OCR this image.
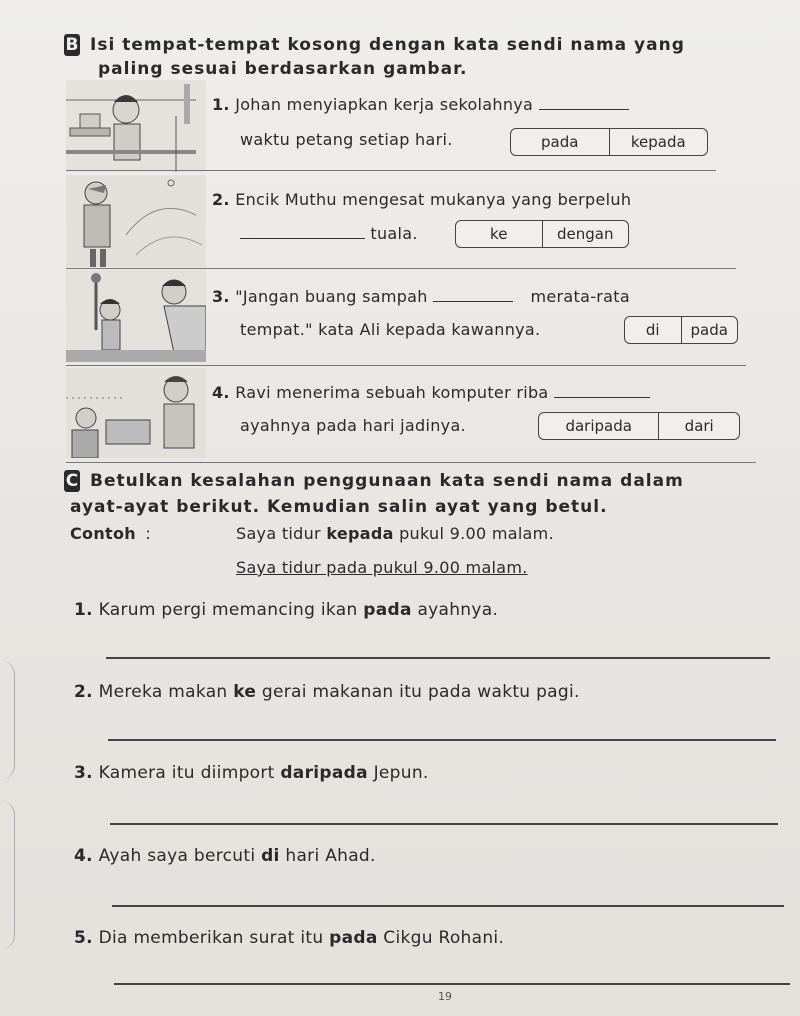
B Isi tempat-tempat kosong dengan kata sendi nama yang
paling sesuai berdasarkan gambar.
1. Johan menyiapkan kerja sekolahnya
waktu petang setiap hari.	pada	kepada
2. Encik Muthu mengesat mukanya yang berpeluh
tuala.	ke	dengan
3. "Jangan buang sampah	merata-rata
tempat." kata Ali kepada kawannya.	di	pada
4. Ravi menerima sebuah komputer riba
ayahnya pada hari jadinya.	daripada	dari
C Betulkan kesalahan penggunaan kata sendi nama dalam
ayat-ayat berikut. Kemudian salin ayat yang betul.
Contoh :	Saya tidur kepada pukul 9.00 malam.
Saya tidur pada pukul 9.00 malam.
1. Karum pergi memancing ikan pada ayahnya.
2. Mereka makan ke gerai makanan itu pada waktu pagi.
3. Kamera itu diimport daripada Jepun.
4. Ayah saya bercuti di hari Ahad.
5. Dia memberikan surat itu pada Cikgu Rohani.
19
